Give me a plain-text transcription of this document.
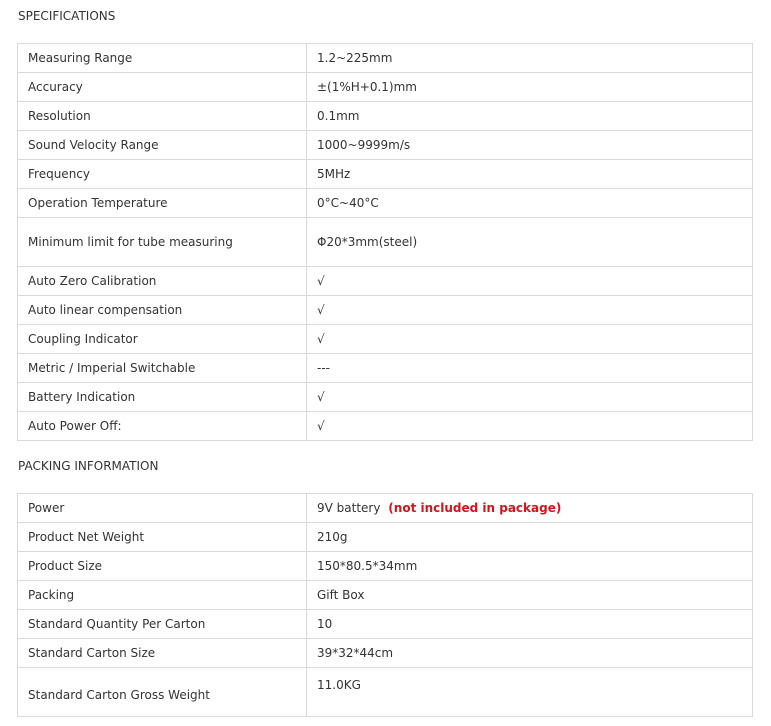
SPECIFICATIONS
Measuring Range	1.2~225mm
Accuracy	±(1%H+0.1)mm
Resolution	0.1mm
Sound Velocity Range	1000~9999m/s
Frequency	5MHz
Operation Temperature	0°C~40°C
Minimum limit for tube measuring	Φ20*3mm(steel)
Auto Zero Calibration	√
Auto linear compensation	√
Coupling Indicator	√
Metric / Imperial Switchable	---
Battery Indication	√
Auto Power Off:	√
PACKING INFORMATION
Power	9V battery (not included in package)
Product Net Weight	210g
Product Size	150*80.5*34mm
Packing	Gift Box
Standard Quantity Per Carton	10
Standard Carton Size	39*32*44cm
Standard Carton Gross Weight	11.0KG
